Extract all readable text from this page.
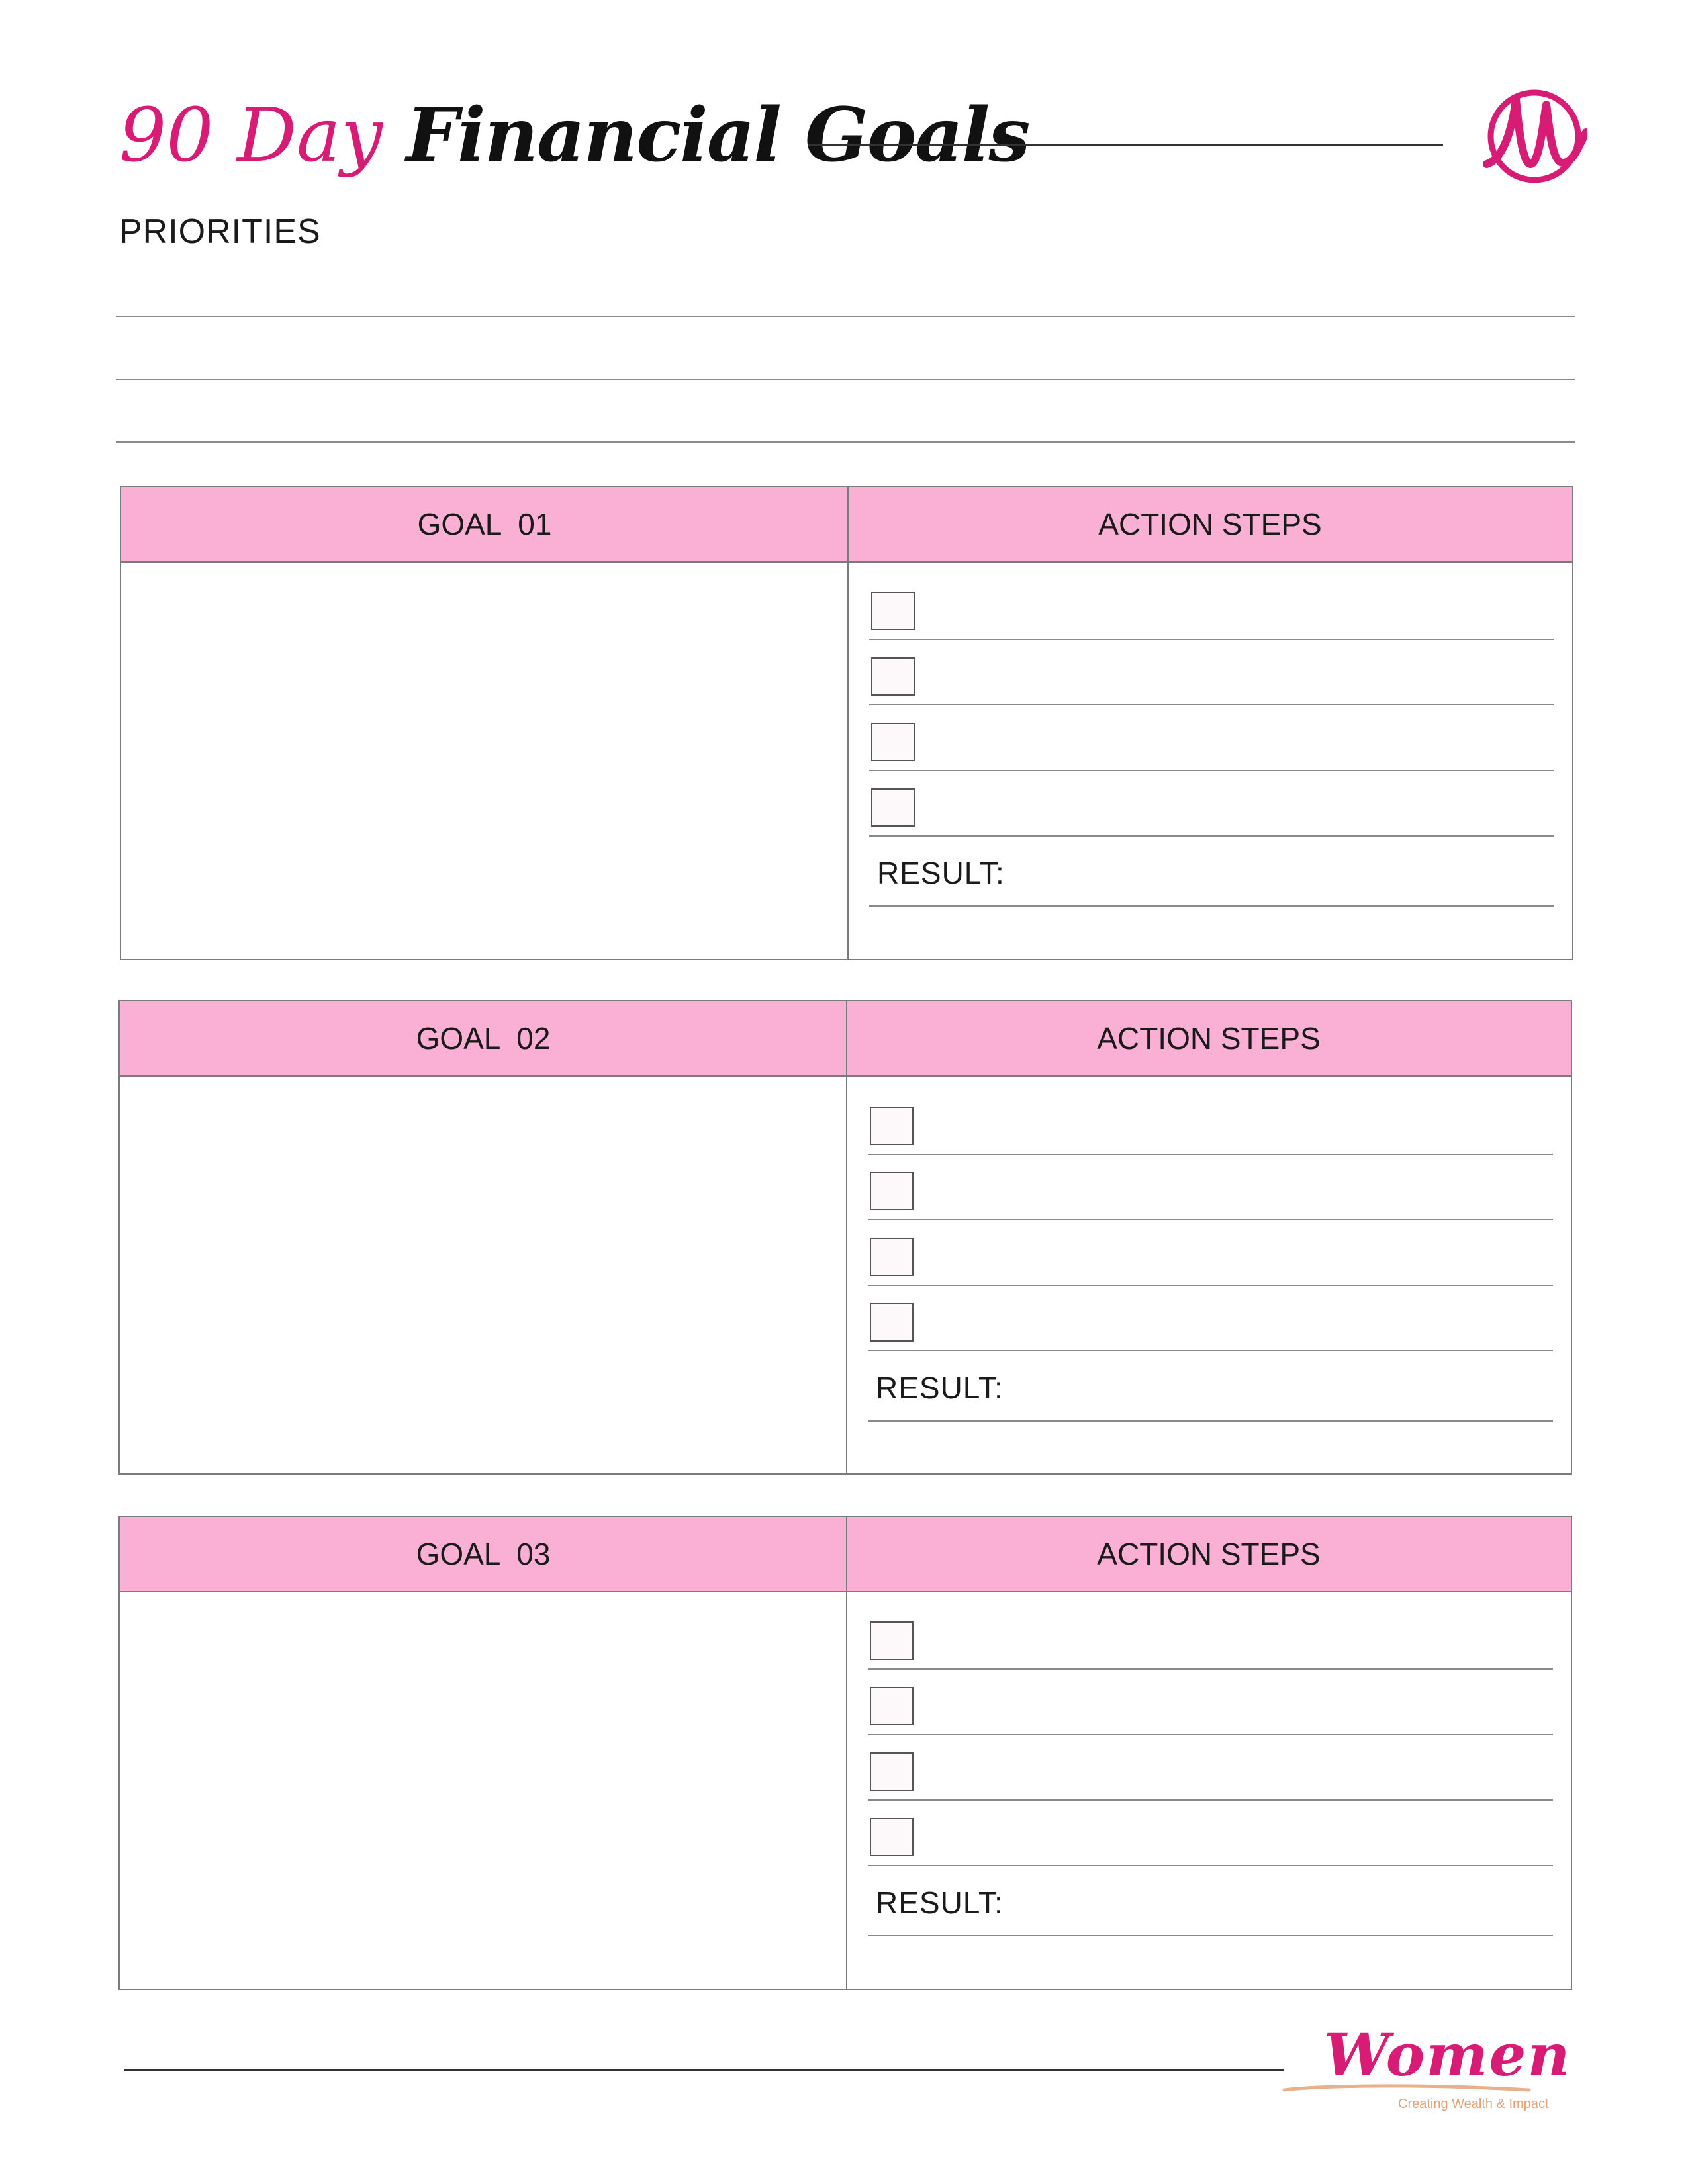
90 Day Financial Goals
PRIORITIES
GOAL  01	ACTION STEPS
RESULT:
GOAL  02	ACTION STEPS
RESULT:
GOAL  03	ACTION STEPS
RESULT:
Women
Creating Wealth & Impact
